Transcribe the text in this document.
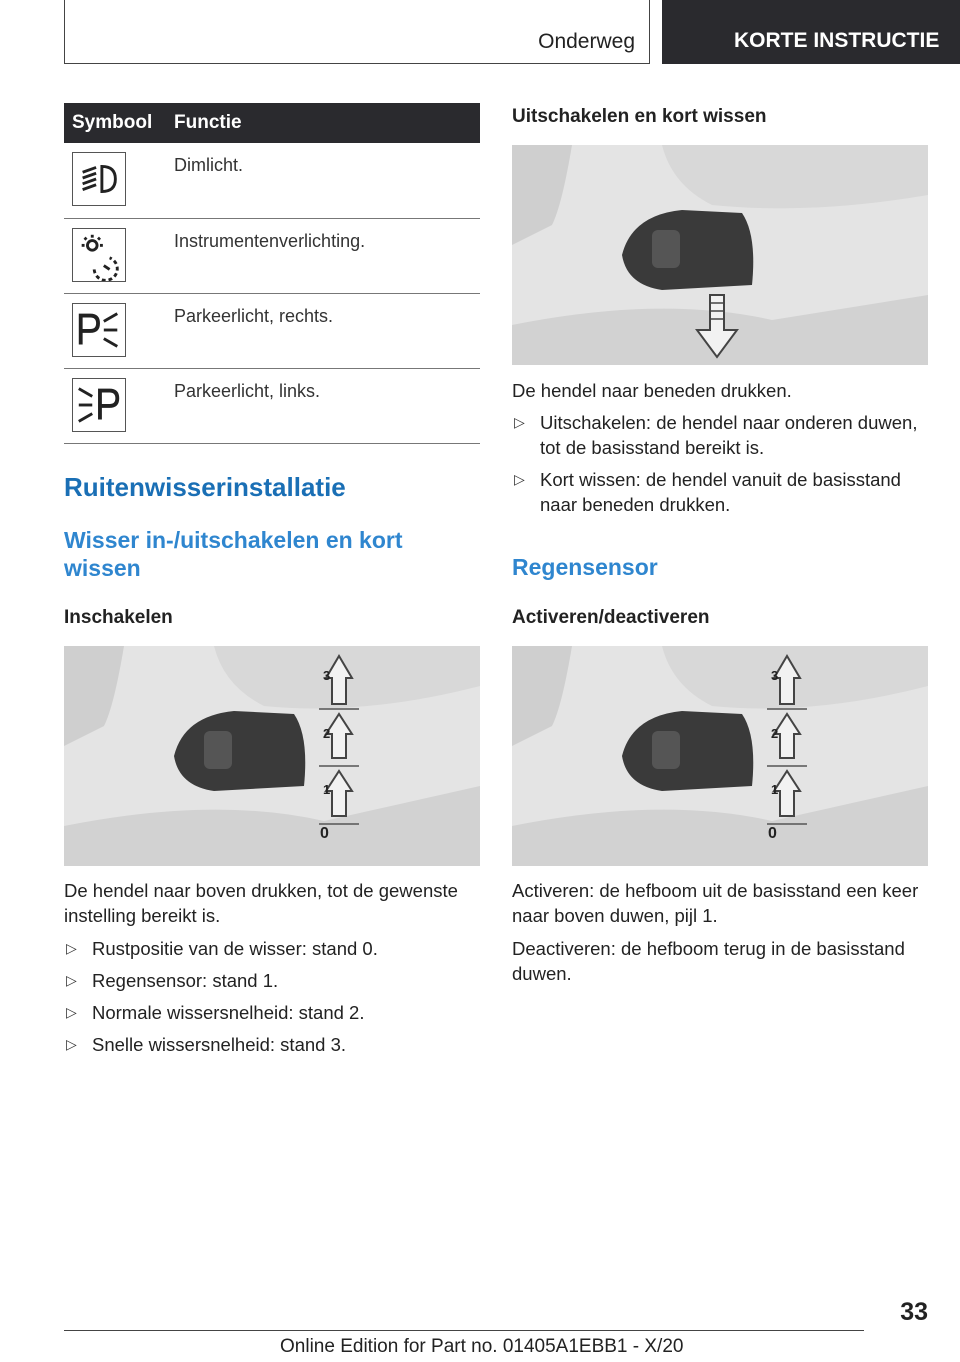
Onderweg	KORTE INSTRUCTIE
Symbool	Functie

	Dimlicht.

	Instrumentenverlichting.

	Parkeerlicht, rechts.

	Parkeerlicht, links.
Ruitenwisserinstallatie
Wisser in-/uitschakelen en kort wissen
Inschakelen
0
1
2
3
De hendel naar boven drukken, tot de gewenste instelling bereikt is.
▷ Rustpositie van de wisser: stand 0.
▷ Regensensor: stand 1.
▷ Normale wissersnelheid: stand 2.
▷ Snelle wissersnelheid: stand 3.
Uitschakelen en kort wissen
De hendel naar beneden drukken.
▷ Uitschakelen: de hendel naar onderen duwen, tot de basisstand bereikt is.
▷ Kort wissen: de hendel vanuit de basisstand naar beneden drukken.
Regensensor
Activeren/deactiveren
0
1
2
3
Activeren: de hefboom uit de basisstand een keer naar boven duwen, pijl 1.
Deactiveren: de hefboom terug in de basisstand duwen.
33
Online Edition for Part no. 01405A1EBB1 - X/20
